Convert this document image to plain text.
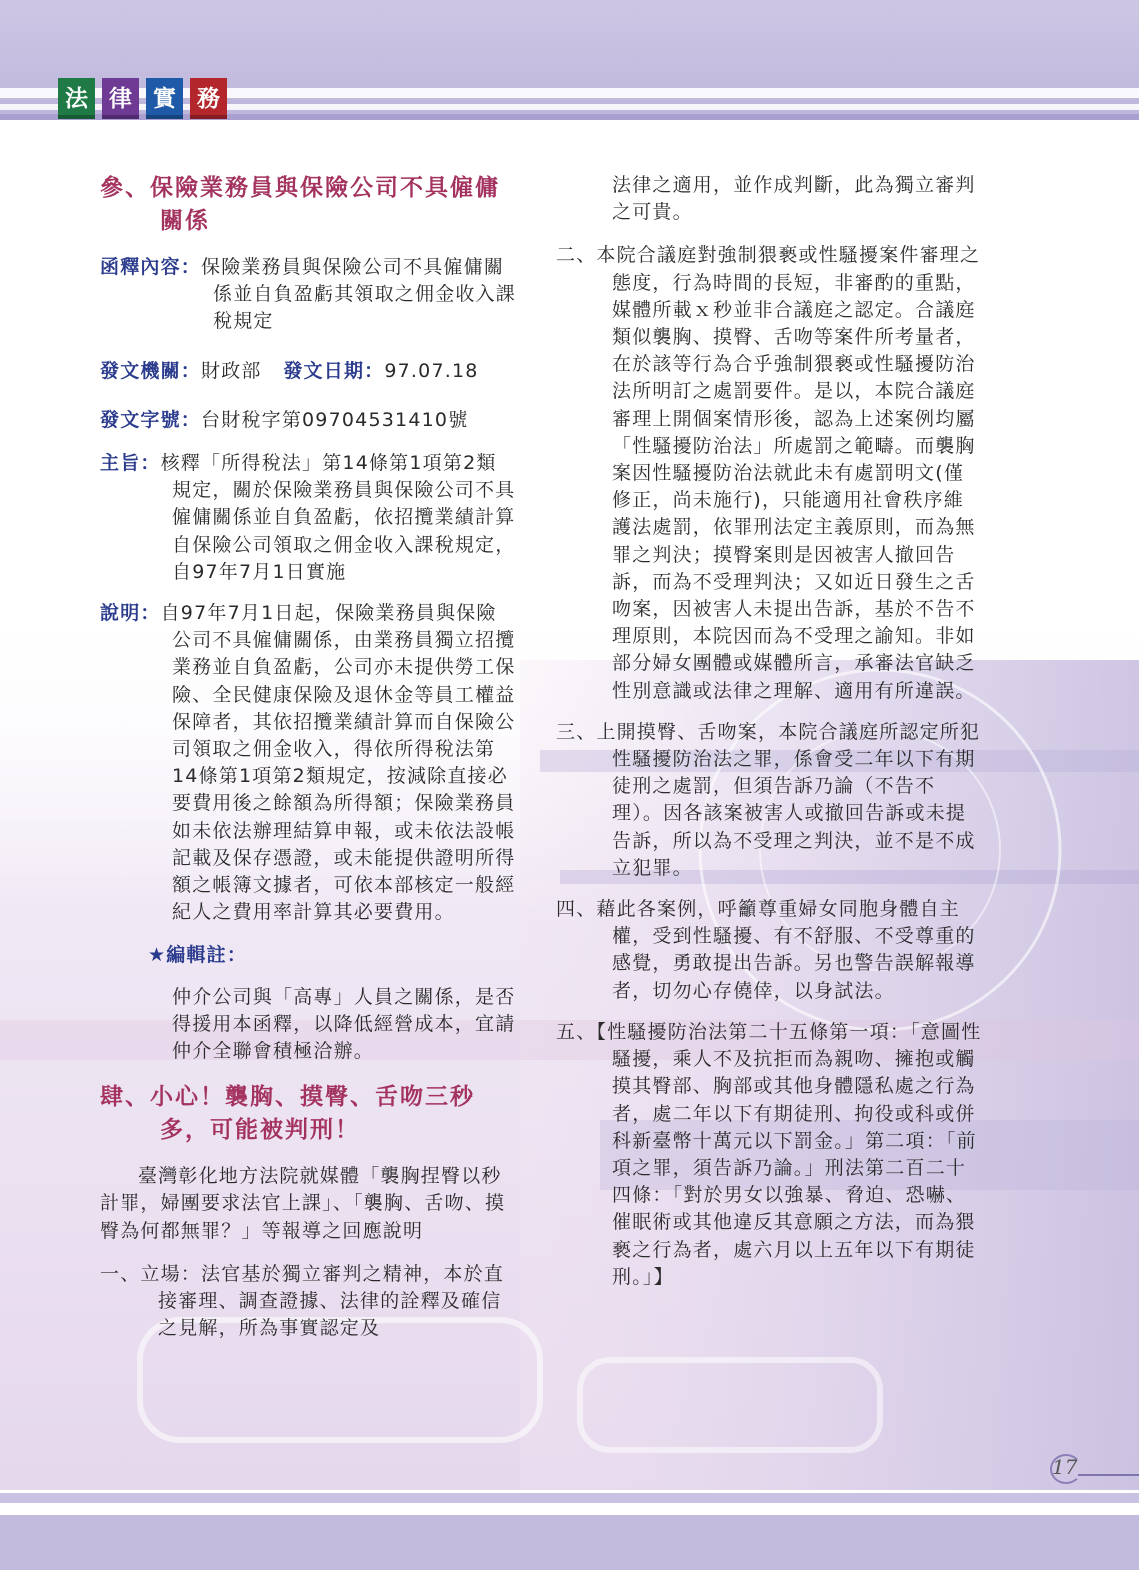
法 律 實 務
參、保險業務員與保險公司不具僱傭關係
函釋內容：保險業務員與保險公司不具僱傭關係並自負盈虧其領取之佣金收入課稅規定
發文機關：財政部 發文日期：97.07.18
發文字號：台財稅字第09704531410號
主旨：核釋「所得稅法」第14條第1項第2類規定，關於保險業務員與保險公司不具僱傭關係並自負盈虧，依招攬業績計算自保險公司領取之佣金收入課稅規定，自97年7月1日實施
說明：自97年7月1日起，保險業務員與保險公司不具僱傭關係，由業務員獨立招攬業務並自負盈虧，公司亦未提供勞工保險、全民健康保險及退休金等員工權益保障者，其依招攬業績計算而自保險公司領取之佣金收入，得依所得稅法第14條第1項第2類規定，按減除直接必要費用後之餘額為所得額；保險業務員如未依法辦理結算申報，或未依法設帳記載及保存憑證，或未能提供證明所得額之帳簿文據者，可依本部核定一般經紀人之費用率計算其必要費用。
★編輯註：
仲介公司與「高專」人員之關係，是否得援用本函釋，以降低經營成本，宜請仲介全聯會積極洽辦。
肆、小心！襲胸、摸臀、舌吻三秒多，可能被判刑！
臺灣彰化地方法院就媒體「襲胸捏臀以秒計罪，婦團要求法官上課」、「襲胸、舌吻、摸臀為何都無罪？」等報導之回應說明
一、立場：法官基於獨立審判之精神，本於直接審理、調查證據、法律的詮釋及確信之見解，所為事實認定及
法律之適用，並作成判斷，此為獨立審判之可貴。
二、本院合議庭對強制猥褻或性騷擾案件審理之態度，行為時間的長短，非審酌的重點，媒體所載ｘ秒並非合議庭之認定。合議庭類似襲胸、摸臀、舌吻等案件所考量者，在於該等行為合乎強制猥褻或性騷擾防治法所明訂之處罰要件。是以，本院合議庭審理上開個案情形後，認為上述案例均屬「性騷擾防治法」所處罰之範疇。而襲胸案因性騷擾防治法就此未有處罰明文(僅修正，尚未施行)，只能適用社會秩序維護法處罰，依罪刑法定主義原則，而為無罪之判決；摸臀案則是因被害人撤回告訴，而為不受理判決；又如近日發生之舌吻案，因被害人未提出告訴，基於不告不理原則，本院因而為不受理之諭知。非如部分婦女團體或媒體所言，承審法官缺乏性別意識或法律之理解、適用有所違誤。
三、上開摸臀、舌吻案，本院合議庭所認定所犯性騷擾防治法之罪，係會受二年以下有期徒刑之處罰，但須告訴乃論（不告不理）。因各該案被害人或撤回告訴或未提告訴，所以為不受理之判決，並不是不成立犯罪。
四、藉此各案例，呼籲尊重婦女同胞身體自主權，受到性騷擾、有不舒服、不受尊重的感覺，勇敢提出告訴。另也警告誤解報導者，切勿心存僥倖，以身試法。
五、【性騷擾防治法第二十五條第一項：「意圖性騷擾，乘人不及抗拒而為親吻、擁抱或觸摸其臀部、胸部或其他身體隱私處之行為者，處二年以下有期徒刑、拘役或科或併科新臺幣十萬元以下罰金。」第二項：「前項之罪，須告訴乃論。」刑法第二百二十四條：「對於男女以強暴、脅迫、恐嚇、催眠術或其他違反其意願之方法，而為猥褻之行為者，處六月以上五年以下有期徒刑。」】
17
